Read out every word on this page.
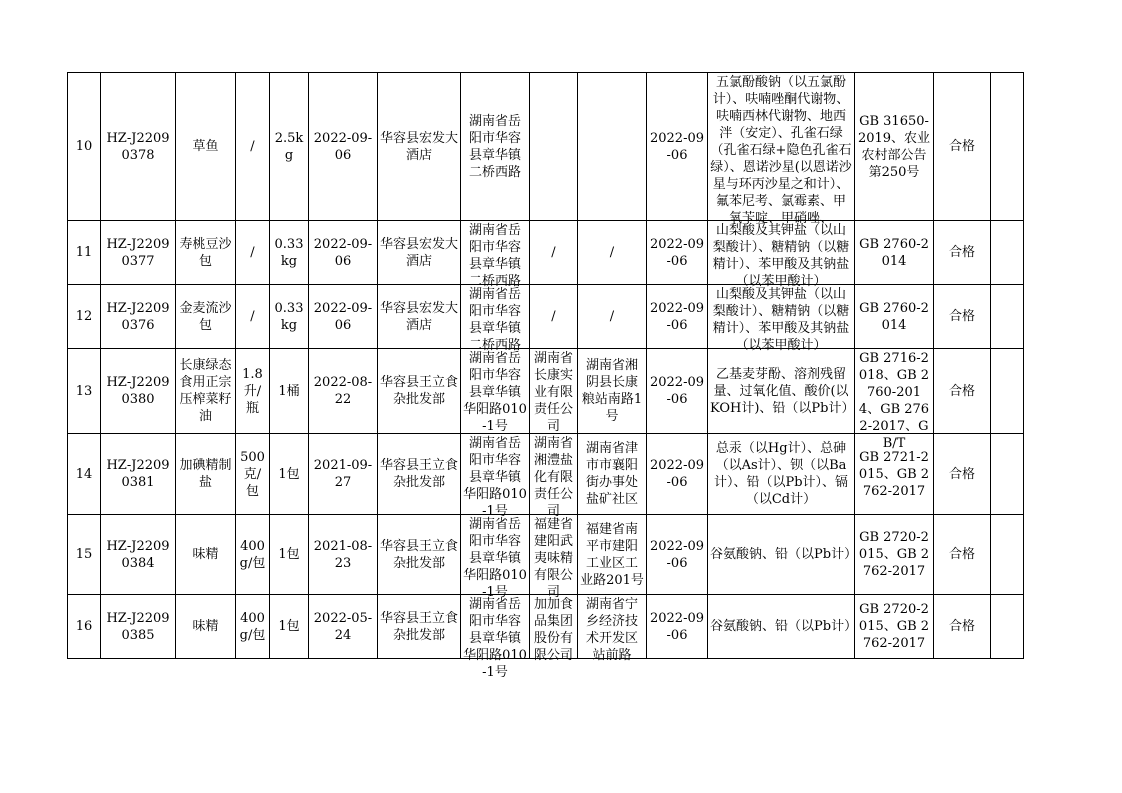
10	HZ-J22090378	草鱼	/	2.5kg	2022-09-06	华容县宏发大酒店	湖南省岳阳市华容县章华镇二桥西路			2022-09-06	五氯酚酸钠（以五氯酚计）、呋喃唑酮代谢物、呋喃西林代谢物、地西泮（安定）、孔雀石绿（孔雀石绿+隐色孔雀石绿）、恩诺沙星(以恩诺沙星与环丙沙星之和计）、氟苯尼考、氯霉素、甲氧苄啶、甲硝唑、	GB 31650-2019、农业农村部公告第250号	合格	

11	HZ-J22090377	寿桃豆沙包	/	0.33kg	2022-09-06	华容县宏发大酒店	湖南省岳阳市华容县章华镇二桥西路	/	/	2022-09-06	山梨酸及其钾盐（以山梨酸计）、糖精钠（以糖精计）、苯甲酸及其钠盐（以苯甲酸计）	GB 2760-2014	合格	

12	HZ-J22090376	金麦流沙包	/	0.33kg	2022-09-06	华容县宏发大酒店	湖南省岳阳市华容县章华镇二桥西路	/	/	2022-09-06	山梨酸及其钾盐（以山梨酸计）、糖精钠（以糖精计）、苯甲酸及其钠盐（以苯甲酸计）	GB 2760-2014	合格	

13	HZ-J22090380	长康绿态食用正宗压榨菜籽油	1.8升/瓶	1桶	2022-08-22	华容县王立食杂批发部	湖南省岳阳市华容县章华镇华阳路010-1号	湖南省长康实业有限责任公司	湖南省湘阴县长康粮站南路1号	2022-09-06	乙基麦芽酚、溶剂残留量、过氧化值、酸价(以KOH计)、铅（以Pb计）	GB 2716-2018、GB 2760-2014、GB 2762-2017、GB/T	合格	

14	HZ-J22090381	加碘精制盐	500克/包	1包	2021-09-27	华容县王立食杂批发部	湖南省岳阳市华容县章华镇华阳路010-1号	湖南省湘澧盐化有限责任公司	湖南省津市市襄阳街办事处盐矿社区	2022-09-06	总汞（以Hg计）、总砷（以As计）、钡（以Ba计）、铅（以Pb计）、镉（以Cd计）	GB 2721-2015、GB 2762-2017	合格	

15	HZ-J22090384	味精	400g/包	1包	2021-08-23	华容县王立食杂批发部	湖南省岳阳市华容县章华镇华阳路010-1号	福建省建阳武夷味精有限公司	福建省南平市建阳工业区工业路201号	2022-09-06	谷氨酸钠、铅（以Pb计）	GB 2720-2015、GB 2762-2017	合格	

16	HZ-J22090385	味精	400g/包	1包	2022-05-24	华容县王立食杂批发部	湖南省岳阳市华容县章华镇华阳路010-1号	加加食品集团股份有限公司	湖南省宁乡经济技术开发区站前路	2022-09-06	谷氨酸钠、铅（以Pb计）	GB 2720-2015、GB 2762-2017	合格	
